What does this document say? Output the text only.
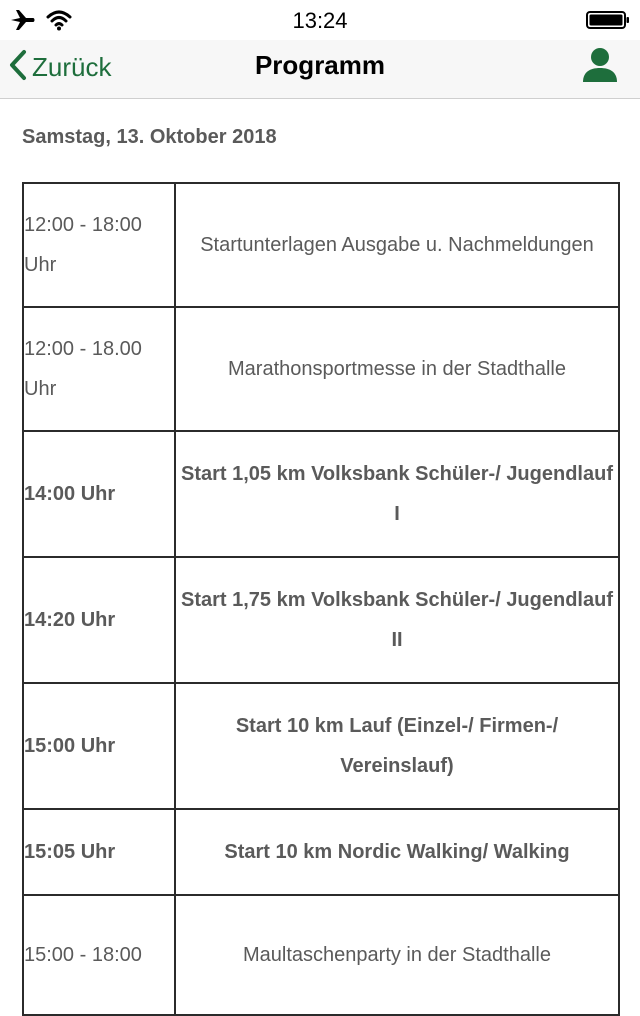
13:24
Zurück	Programm
Samstag, 13. Oktober 2018
12:00 - 18:00 Uhr	Startunterlagen Ausgabe u. Nachmeldungen
12:00 - 18.00 Uhr	Marathonsportmesse in der Stadthalle
14:00 Uhr	Start 1,05 km Volksbank Schüler-/ Jugendlauf I
14:20 Uhr	Start 1,75 km Volksbank Schüler-/ Jugendlauf II
15:00 Uhr	Start 10 km Lauf (Einzel-/ Firmen-/ Vereinslauf)
15:05 Uhr	Start 10 km Nordic Walking/ Walking
15:00 - 18:00	Maultaschenparty in der Stadthalle
